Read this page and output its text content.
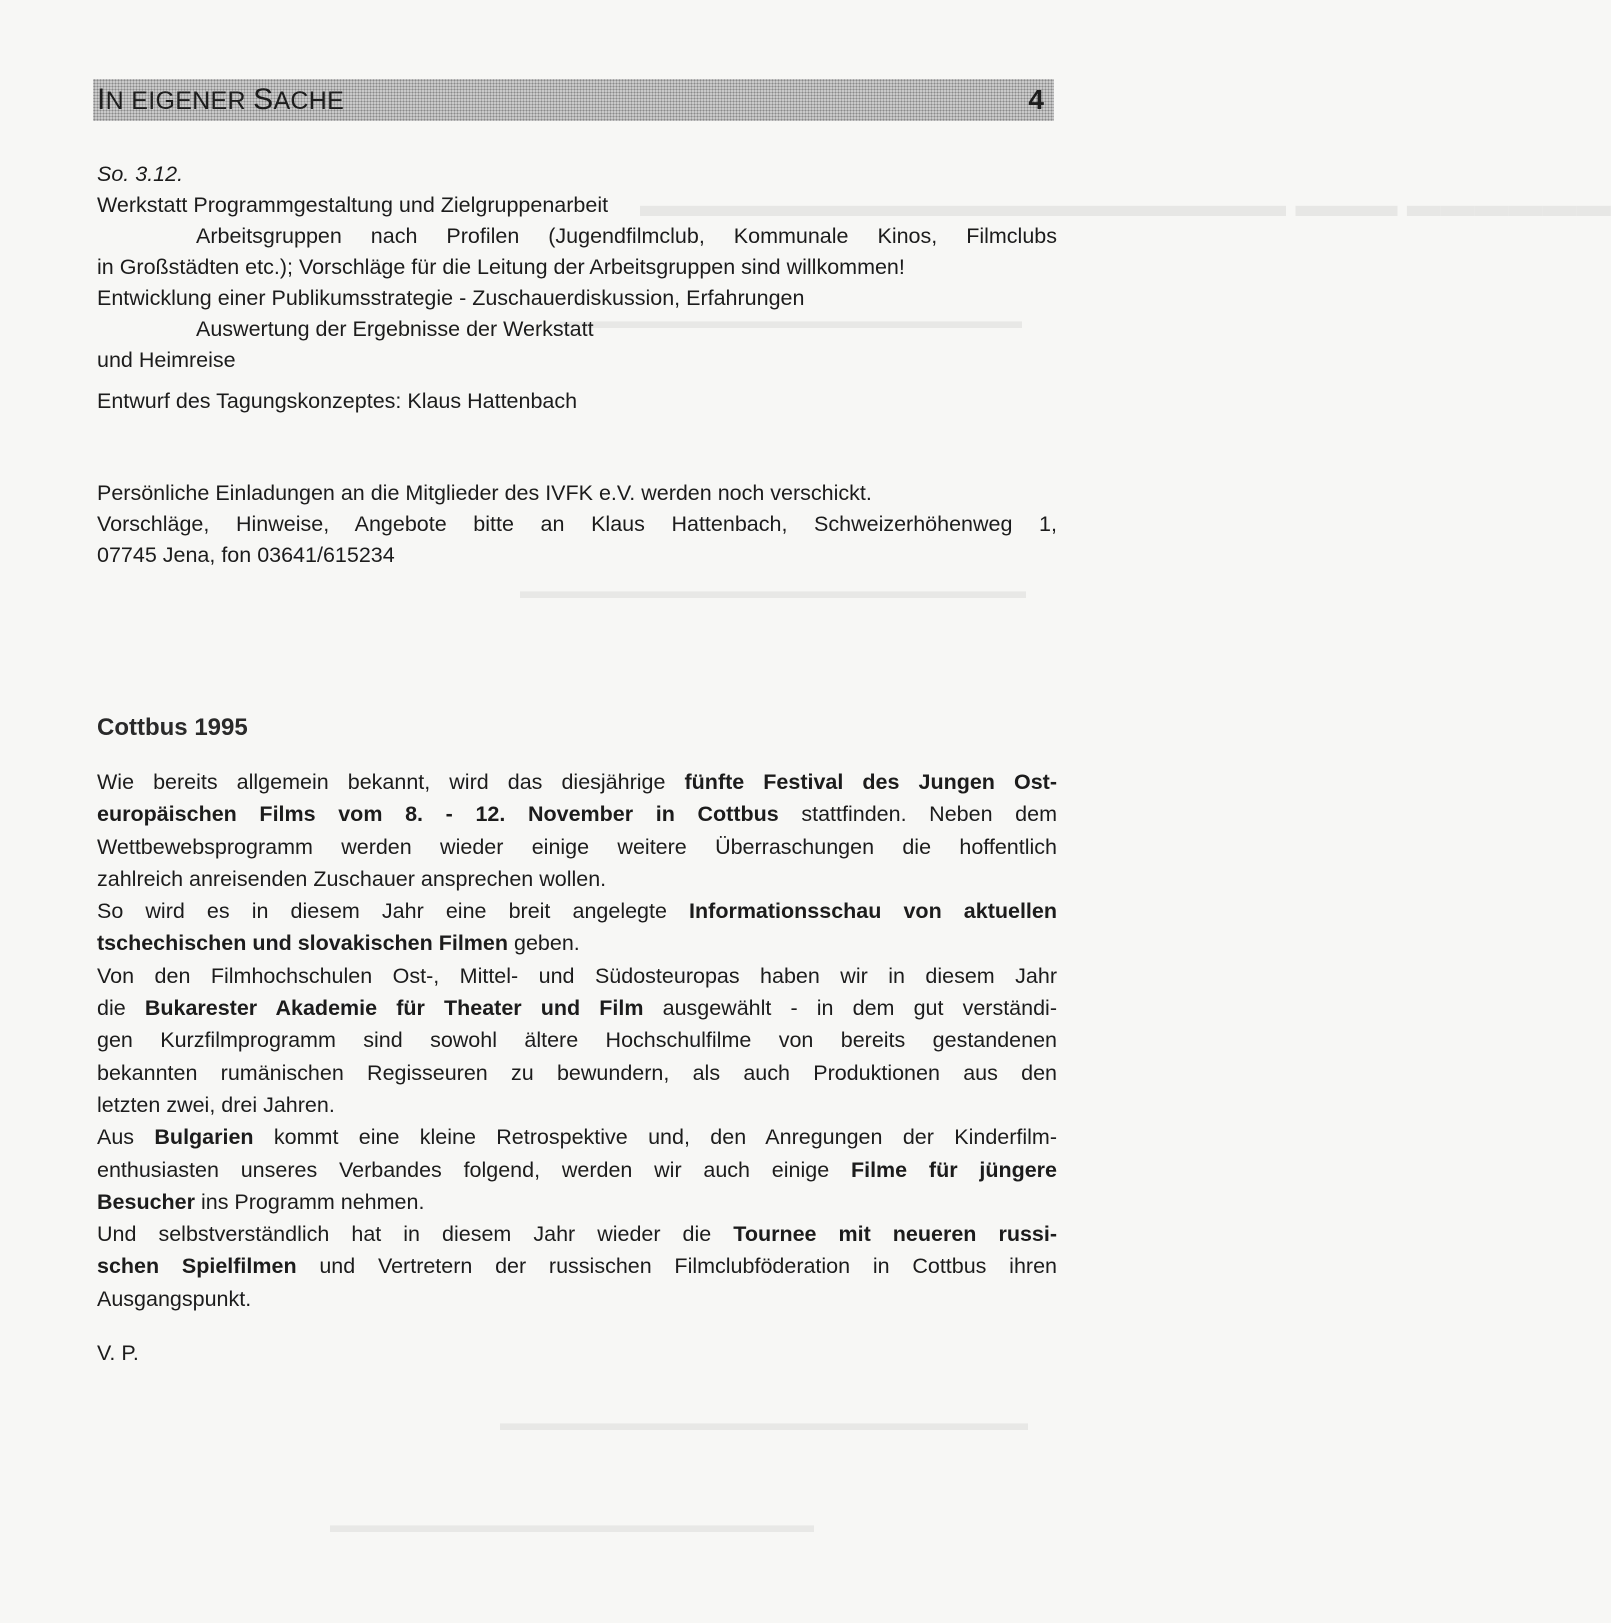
▬▬▬▬▬▬ ▬▬▬ ▬▬▬▬▬▬▬▬▬▬▬▬▬▬▬▬▬▬▬
▬▬▬▬▬▬▬▬▬▬▬▬▬▬▬▬▬▬▬▬▬
▬▬▬▬▬▬▬▬▬▬▬▬▬▬▬▬▬▬▬▬▬▬▬
▬▬▬▬▬▬▬▬▬▬▬▬▬▬▬▬▬▬▬▬▬▬▬▬
▬▬▬▬▬▬▬▬▬▬▬▬▬▬▬▬▬▬▬▬▬▬
IN EIGENER SACHE	4
So. 3.12.
Werkstatt Programmgestaltung und Zielgruppenarbeit
Arbeitsgruppen nach Profilen (Jugendfilmclub, Kommunale Kinos, Filmclubs
in Großstädten etc.); Vorschläge für die Leitung der Arbeitsgruppen sind willkommen!
Entwicklung einer Publikumsstrategie - Zuschauerdiskussion, Erfahrungen
Auswertung der Ergebnisse der Werkstatt
und Heimreise
Entwurf des Tagungskonzeptes: Klaus Hattenbach
Persönliche Einladungen an die Mitglieder des IVFK e.V. werden noch verschickt.
Vorschläge, Hinweise, Angebote bitte an Klaus Hattenbach, Schweizerhöhenweg 1,
07745 Jena, fon 03641/615234
Cottbus 1995
Wie bereits allgemein bekannt, wird das diesjährige fünfte Festival des Jungen Ost-
europäischen Films vom 8. - 12. November in Cottbus stattfinden. Neben dem
Wettbewebsprogramm werden wieder einige weitere Überraschungen die hoffentlich
zahlreich anreisenden Zuschauer ansprechen wollen.
So wird es in diesem Jahr eine breit angelegte Informationsschau von aktuellen
tschechischen und slovakischen Filmen geben.
Von den Filmhochschulen Ost-, Mittel- und Südosteuropas haben wir in diesem Jahr
die Bukarester Akademie für Theater und Film ausgewählt - in dem gut verständi-
gen Kurzfilmprogramm sind sowohl ältere Hochschulfilme von bereits gestandenen
bekannten rumänischen Regisseuren zu bewundern, als auch Produktionen aus den
letzten zwei, drei Jahren.
Aus Bulgarien kommt eine kleine Retrospektive und, den Anregungen der Kinderfilm-
enthusiasten unseres Verbandes folgend, werden wir auch einige Filme für jüngere
Besucher ins Programm nehmen.
Und selbstverständlich hat in diesem Jahr wieder die Tournee mit neueren russi-
schen Spielfilmen und Vertretern der russischen Filmclubföderation in Cottbus ihren
Ausgangspunkt.
V. P.
